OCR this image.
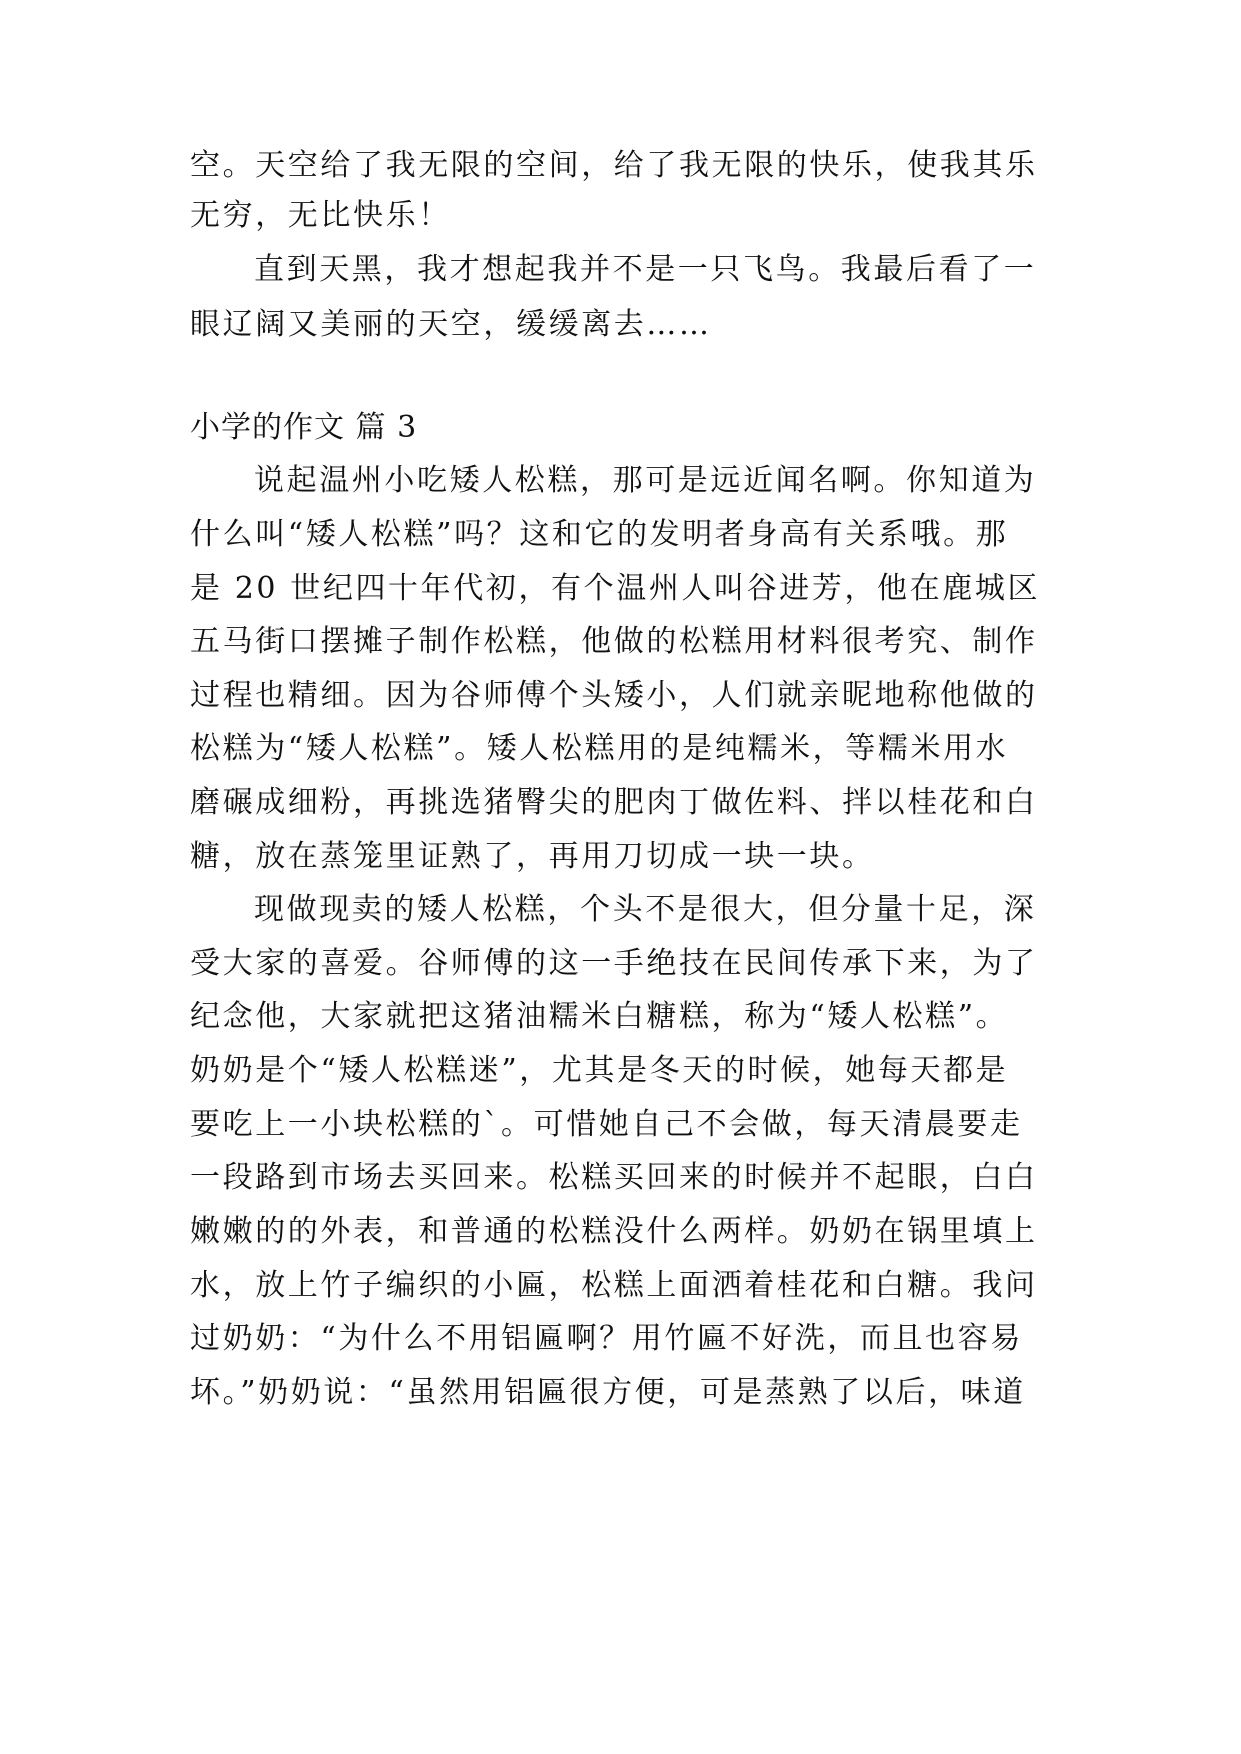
空。天空给了我无限的空间，给了我无限的快乐，使我其乐
无穷，无比快乐！
直到天黑，我才想起我并不是一只飞鸟。我最后看了一
眼辽阔又美丽的天空，缓缓离去……
小学的作文 篇 3
说起温州小吃矮人松糕，那可是远近闻名啊。你知道为
什么叫“矮人松糕”吗？这和它的发明者身高有关系哦。那
是 20 世纪四十年代初，有个温州人叫谷进芳，他在鹿城区
五马街口摆摊子制作松糕，他做的松糕用材料很考究、制作
过程也精细。因为谷师傅个头矮小，人们就亲昵地称他做的
松糕为“矮人松糕”。矮人松糕用的是纯糯米，等糯米用水
磨碾成细粉，再挑选猪臀尖的肥肉丁做佐料、拌以桂花和白
糖，放在蒸笼里证熟了，再用刀切成一块一块。
现做现卖的矮人松糕，个头不是很大，但分量十足，深
受大家的喜爱。谷师傅的这一手绝技在民间传承下来，为了
纪念他，大家就把这猪油糯米白糖糕，称为“矮人松糕”。
奶奶是个“矮人松糕迷”，尤其是冬天的时候，她每天都是
要吃上一小块松糕的`。可惜她自己不会做，每天清晨要走
一段路到市场去买回来。松糕买回来的时候并不起眼，白白
嫩嫩的的外表，和普通的松糕没什么两样。奶奶在锅里填上
水，放上竹子编织的小匾，松糕上面洒着桂花和白糖。我问
过奶奶：“为什么不用铝匾啊？用竹匾不好洗，而且也容易
坏。”奶奶说：“虽然用铝匾很方便，可是蒸熟了以后，味道
